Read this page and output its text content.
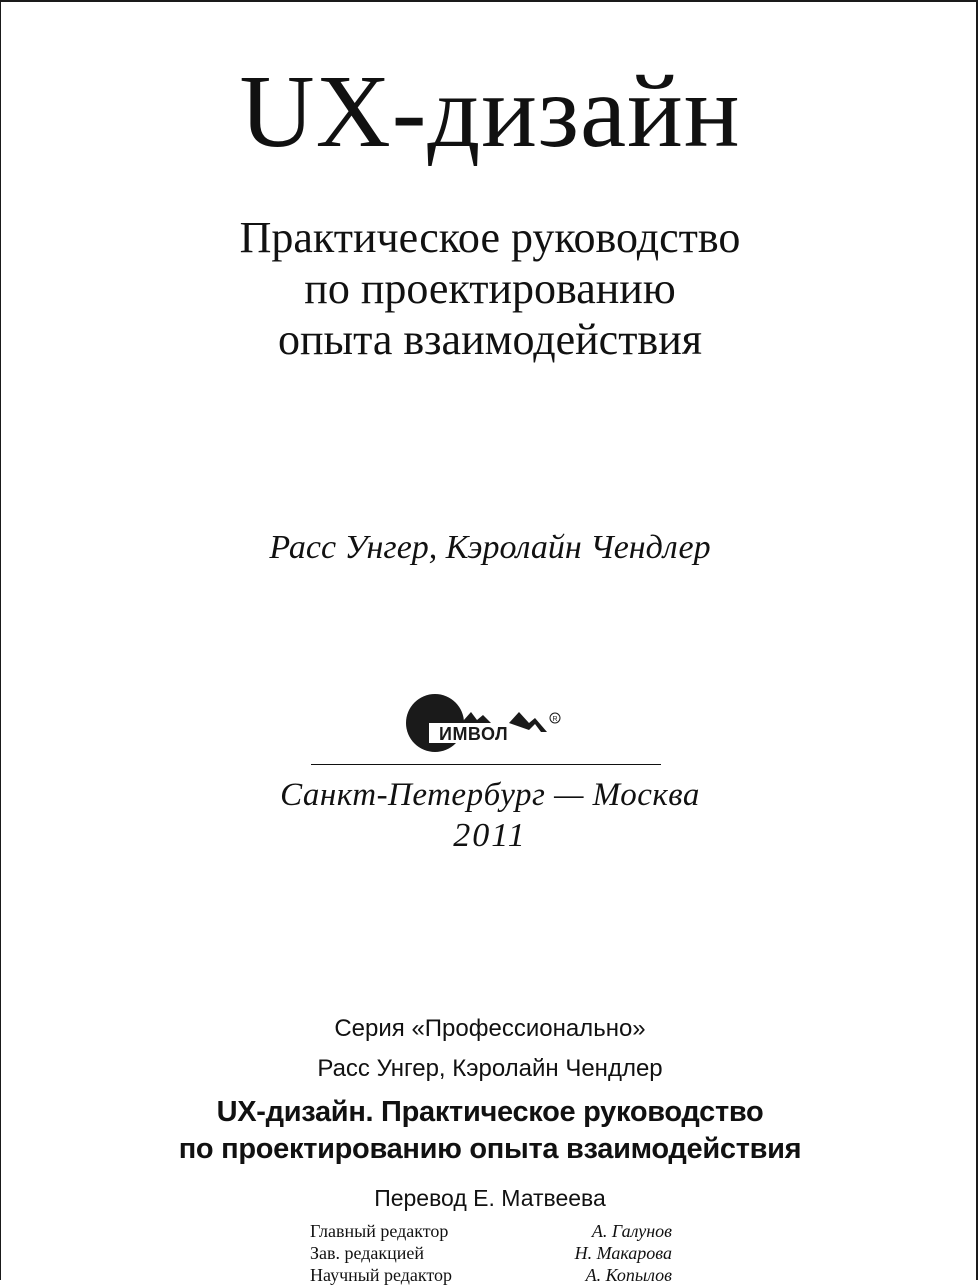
UX-дизайн
Практическое руководство
по проектированию
опыта взаимодействия
Расс Унгер, Кэролайн Чендлер
ИМВОЛ
R
Санкт-Петербург — Москва
2011
Серия «Профессионально»
Расс Унгер, Кэролайн Чендлер
UX-дизайн. Практическое руководство
по проектированию опыта взаимодействия
Перевод Е. Матвеева
Главный редактор	А. Галунов
Зав. редакцией	Н. Макарова
Научный редактор	А. Копылов
